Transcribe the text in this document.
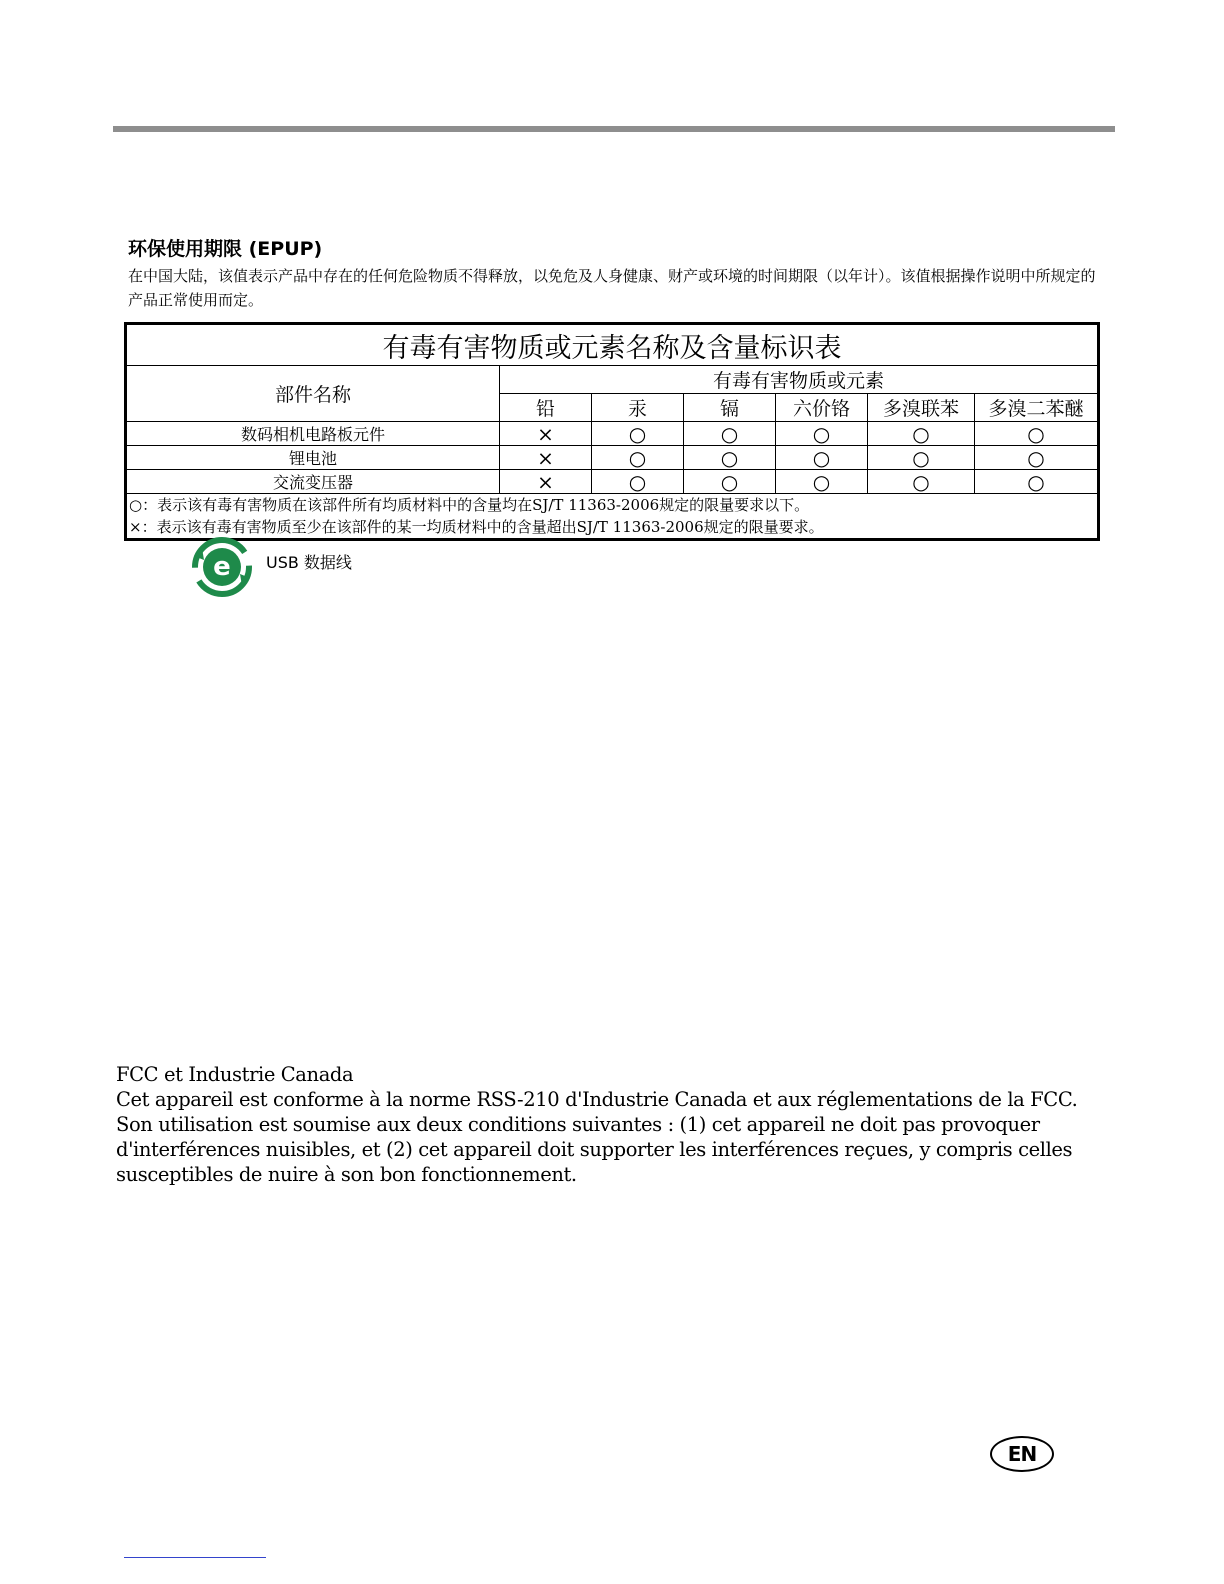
环保使用期限 (EPUP)
在中国大陆，该值表示产品中存在的任何危险物质不得释放，以免危及人身健康、财产或环境的时间期限（以年计）。该值根据操作说明中所规定的产品正常使用而定。
有毒有害物质或元素名称及含量标识表						
部件名称	有毒有害物质或元素					
	铅	汞	镉	六价铬	多溴联苯	多溴二苯醚
数码相机电路板元件	×	○	○	○	○	○
锂电池	×	○	○	○	○	○
交流变压器	×	○	○	○	○	○

○：表示该有毒有害物质在该部件所有均质材料中的含量均在SJ/T 11363-2006规定的限量要求以下。
×：表示该有毒有害物质至少在该部件的某一均质材料中的含量超出SJ/T 11363-2006规定的限量要求。						
e USB 数据线
FCC et Industrie Canada
Cet appareil est conforme à la norme RSS-210 d'Industrie Canada et aux réglementations de la FCC. Son utilisation est soumise aux deux conditions suivantes : (1) cet appareil ne doit pas provoquer d'interférences nuisibles, et (2) cet appareil doit supporter les interférences reçues, y compris celles susceptibles de nuire à son bon fonctionnement.
EN
